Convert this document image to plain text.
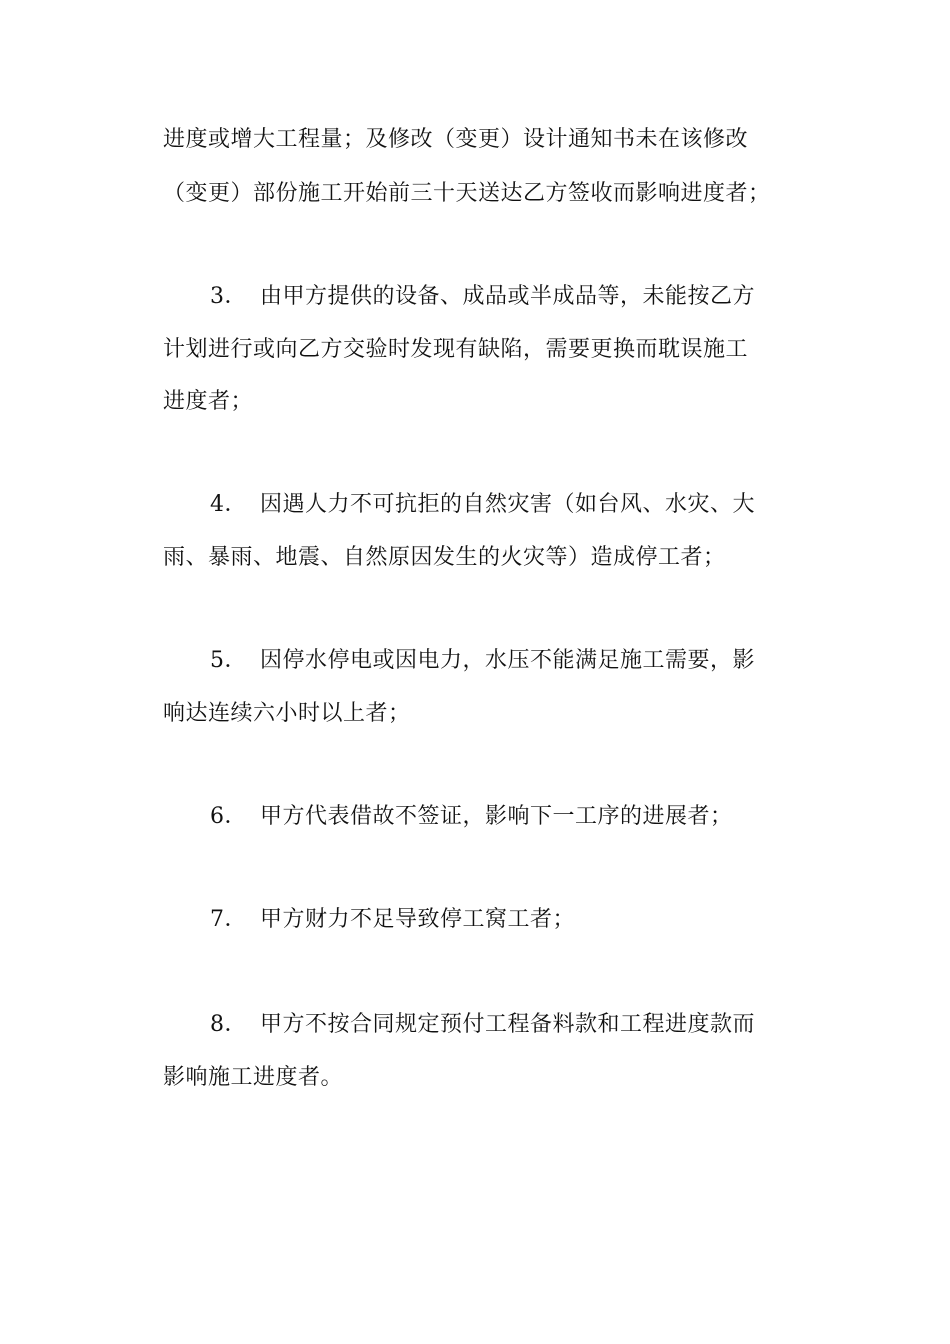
进度或增大工程量；及修改（变更）设计通知书未在该修改
（变更）部份施工开始前三十天送达乙方签收而影响进度者；
3． 由甲方提供的设备、成品或半成品等，未能按乙方
计划进行或向乙方交验时发现有缺陷，需要更换而耽误施工
进度者；
4． 因遇人力不可抗拒的自然灾害（如台风、水灾、大
雨、暴雨、地震、自然原因发生的火灾等）造成停工者；
5． 因停水停电或因电力，水压不能满足施工需要，影
响达连续六小时以上者；
6． 甲方代表借故不签证，影响下一工序的进展者；
7． 甲方财力不足导致停工窝工者；
8． 甲方不按合同规定预付工程备料款和工程进度款而
影响施工进度者。
